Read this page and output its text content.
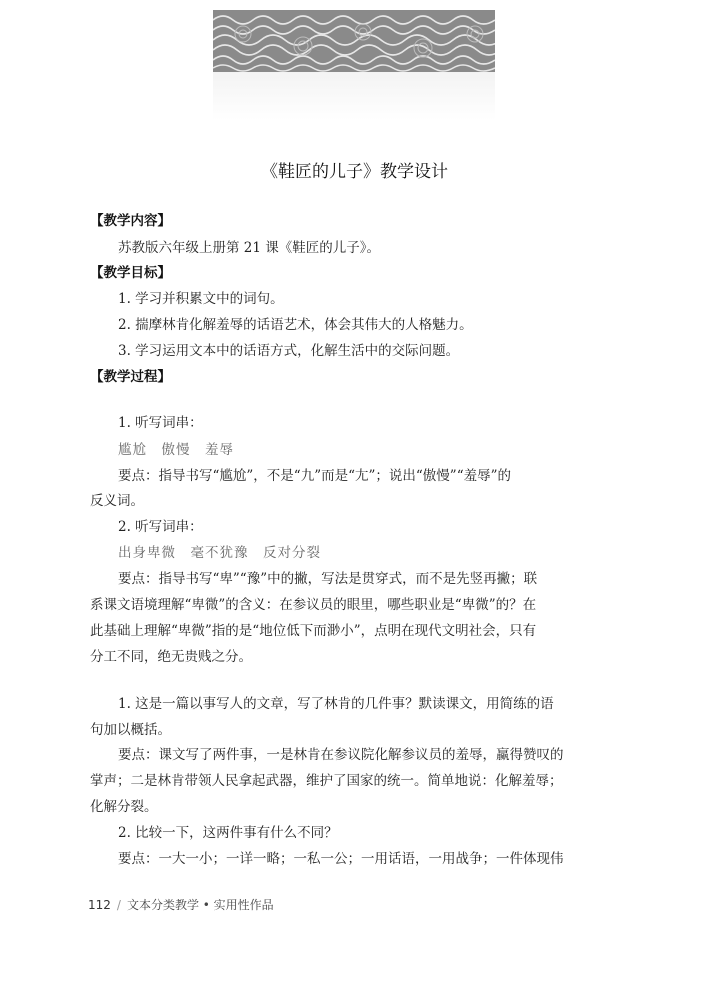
《鞋匠的儿子》教学设计
【教学内容】
苏教版六年级上册第 21 课《鞋匠的儿子》。
【教学目标】
1. 学习并积累文中的词句。
2. 揣摩林肯化解羞辱的话语艺术，体会其伟大的人格魅力。
3. 学习运用文本中的话语方式，化解生活中的交际问题。
【教学过程】
1. 听写词串：
尴尬　傲慢　羞辱
要点：指导书写“尴尬”，不是“九”而是“尢”；说出“傲慢”“羞辱”的
反义词。
2. 听写词串：
出身卑微　毫不犹豫　反对分裂
要点：指导书写“卑”“豫”中的撇，写法是贯穿式，而不是先竖再撇；联
系课文语境理解“卑微”的含义：在参议员的眼里，哪些职业是“卑微”的？在
此基础上理解“卑微”指的是“地位低下而渺小”，点明在现代文明社会，只有
分工不同，绝无贵贱之分。
1. 这是一篇以事写人的文章，写了林肯的几件事？默读课文，用简练的语
句加以概括。
要点：课文写了两件事，一是林肯在参议院化解参议员的羞辱，赢得赞叹的
掌声；二是林肯带领人民拿起武器，维护了国家的统一。简单地说：化解羞辱；
化解分裂。
2. 比较一下，这两件事有什么不同？
要点：一大一小；一详一略；一私一公；一用话语，一用战争；一件体现伟
112 / 文本分类教学 • 实用性作品
